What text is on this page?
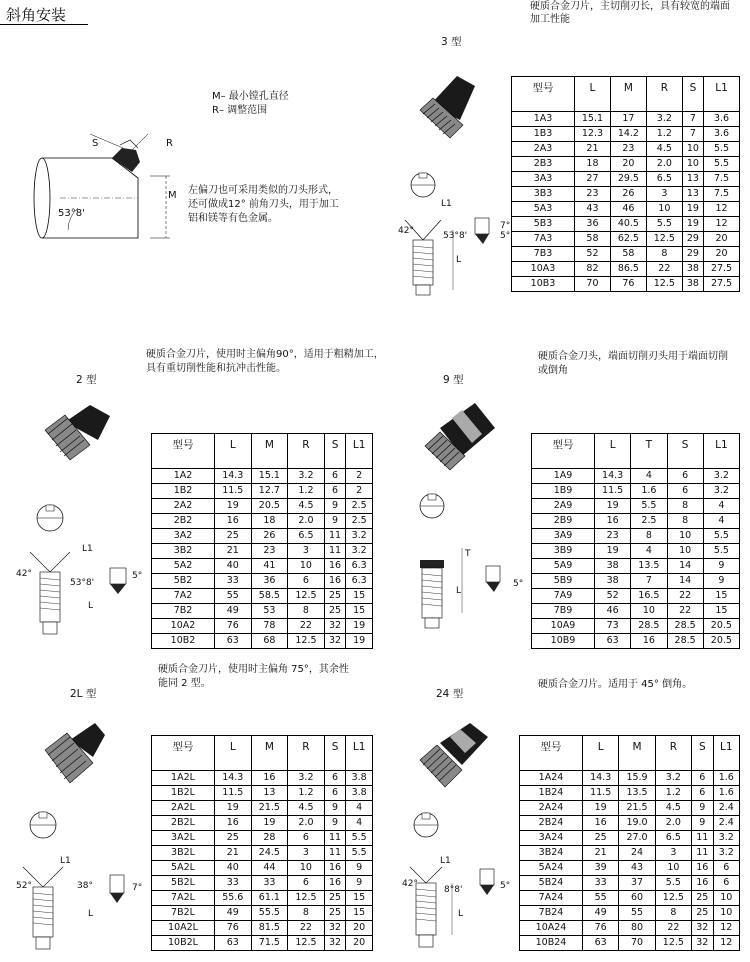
斜角安装
S	R
M
53°8'
M– 最小镗孔直径
R– 调整范围
左偏刀也可采用类似的刀头形式，
还可做成12° 前角刀头，用于加工
铝和镁等有色金属。
硬质合金刀片，主切削刃长，具有较宽的端面
加工性能
3 型
L1
42°	53°8'
7°
5°
L
型号	L	M	R	S	L1
1A3	15.1	17	3.2	7	3.6
1B3	12.3	14.2	1.2	7	3.6
2A3	21	23	4.5	10	5.5
2B3	18	20	2.0	10	5.5
3A3	27	29.5	6.5	13	7.5
3B3	23	26	3	13	7.5
5A3	43	46	10	19	12
5B3	36	40.5	5.5	19	12
7A3	58	62.5	12.5	29	20
7B3	52	58	8	29	20
10A3	82	86.5	22	38	27.5
10B3	70	76	12.5	38	27.5
硬质合金刀片，使用时主偏角90°，适用于粗精加工，
具有重切削性能和抗冲击性能。
2 型
L1
42°
53°8'
5°
L
型号	L	M	R	S	L1
1A2	14.3	15.1	3.2	6	2
1B2	11.5	12.7	1.2	6	2
2A2	19	20.5	4.5	9	2.5
2B2	16	18	2.0	9	2.5
3A2	25	26	6.5	11	3.2
3B2	21	23	3	11	3.2
5A2	40	41	10	16	6.3
5B2	33	36	6	16	6.3
7A2	55	58.5	12.5	25	15
7B2	49	53	8	25	15
10A2	76	78	22	32	19
10B2	63	68	12.5	32	19
硬质合金刀头，端面切削刃头用于端面切削
或倒角
9 型
T
5°
L
型号	L	T	S	L1
1A9	14.3	4	6	3.2
1B9	11.5	1.6	6	3.2
2A9	19	5.5	8	4
2B9	16	2.5	8	4
3A9	23	8	10	5.5
3B9	19	4	10	5.5
5A9	38	13.5	14	9
5B9	38	7	14	9
7A9	52	16.5	22	15
7B9	46	10	22	15
10A9	73	28.5	28.5	20.5
10B9	63	16	28.5	20.5
硬质合金刀片，使用时主偏角 75°，其余性
能同 2 型。
2L 型
L1
52°	38°	7°
L
型号	L	M	R	S	L1
1A2L	14.3	16	3.2	6	3.8
1B2L	11.5	13	1.2	6	3.8
2A2L	19	21.5	4.5	9	4
2B2L	16	19	2.0	9	4
3A2L	25	28	6	11	5.5
3B2L	21	24.5	3	11	5.5
5A2L	40	44	10	16	9
5B2L	33	33	6	16	9
7A2L	55.6	61.1	12.5	25	15
7B2L	49	55.5	8	25	15
10A2L	76	81.5	22	32	20
10B2L	63	71.5	12.5	32	20
硬质合金刀片。适用于 45° 倒角。
24 型
L1
42°
8°8'	5°
L
型号	L	M	R	S	L1
1A24	14.3	15.9	3.2	6	1.6
1B24	11.5	13.5	1.2	6	1.6
2A24	19	21.5	4.5	9	2.4
2B24	16	19.0	2.0	9	2.4
3A24	25	27.0	6.5	11	3.2
3B24	21	24	3	11	3.2
5A24	39	43	10	16	6
5B24	33	37	5.5	16	6
7A24	55	60	12.5	25	10
7B24	49	55	8	25	10
10A24	76	80	22	32	12
10B24	63	70	12.5	32	12
